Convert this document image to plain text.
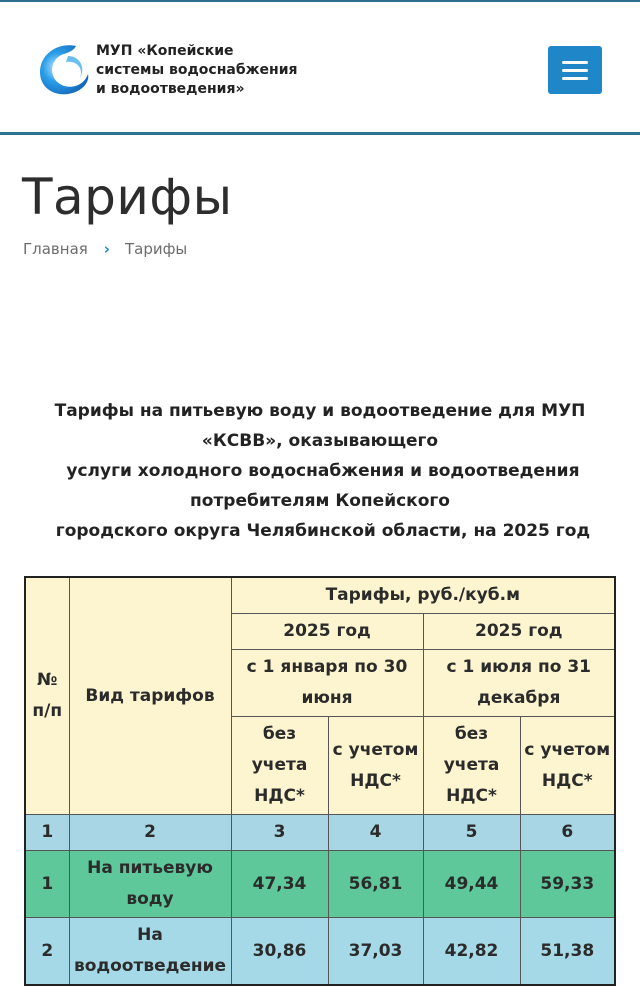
МУП «Копейские
системы водоснабжения
и водоотведения»
Тарифы
Главная › Тарифы
Тарифы на питьевую воду и водоотведение для МУП
«КСВВ», оказывающего
услуги холодного водоснабжения и водоотведения
потребителям Копейского
городского округа Челябинской области, на 2025 год
№ п/п	Вид тарифов	Тарифы, руб./куб.м			
		2025 год		2025 год	
		с 1 января по 30 июня		с 1 июля по 31 декабря	
		без учета НДС*	с учетом НДС*	без учета НДС*	с учетом НДС*
1	2	3	4	5	6
1	На питьевую воду	47,34	56,81	49,44	59,33
2	На водоотведение	30,86	37,03	42,82	51,38
